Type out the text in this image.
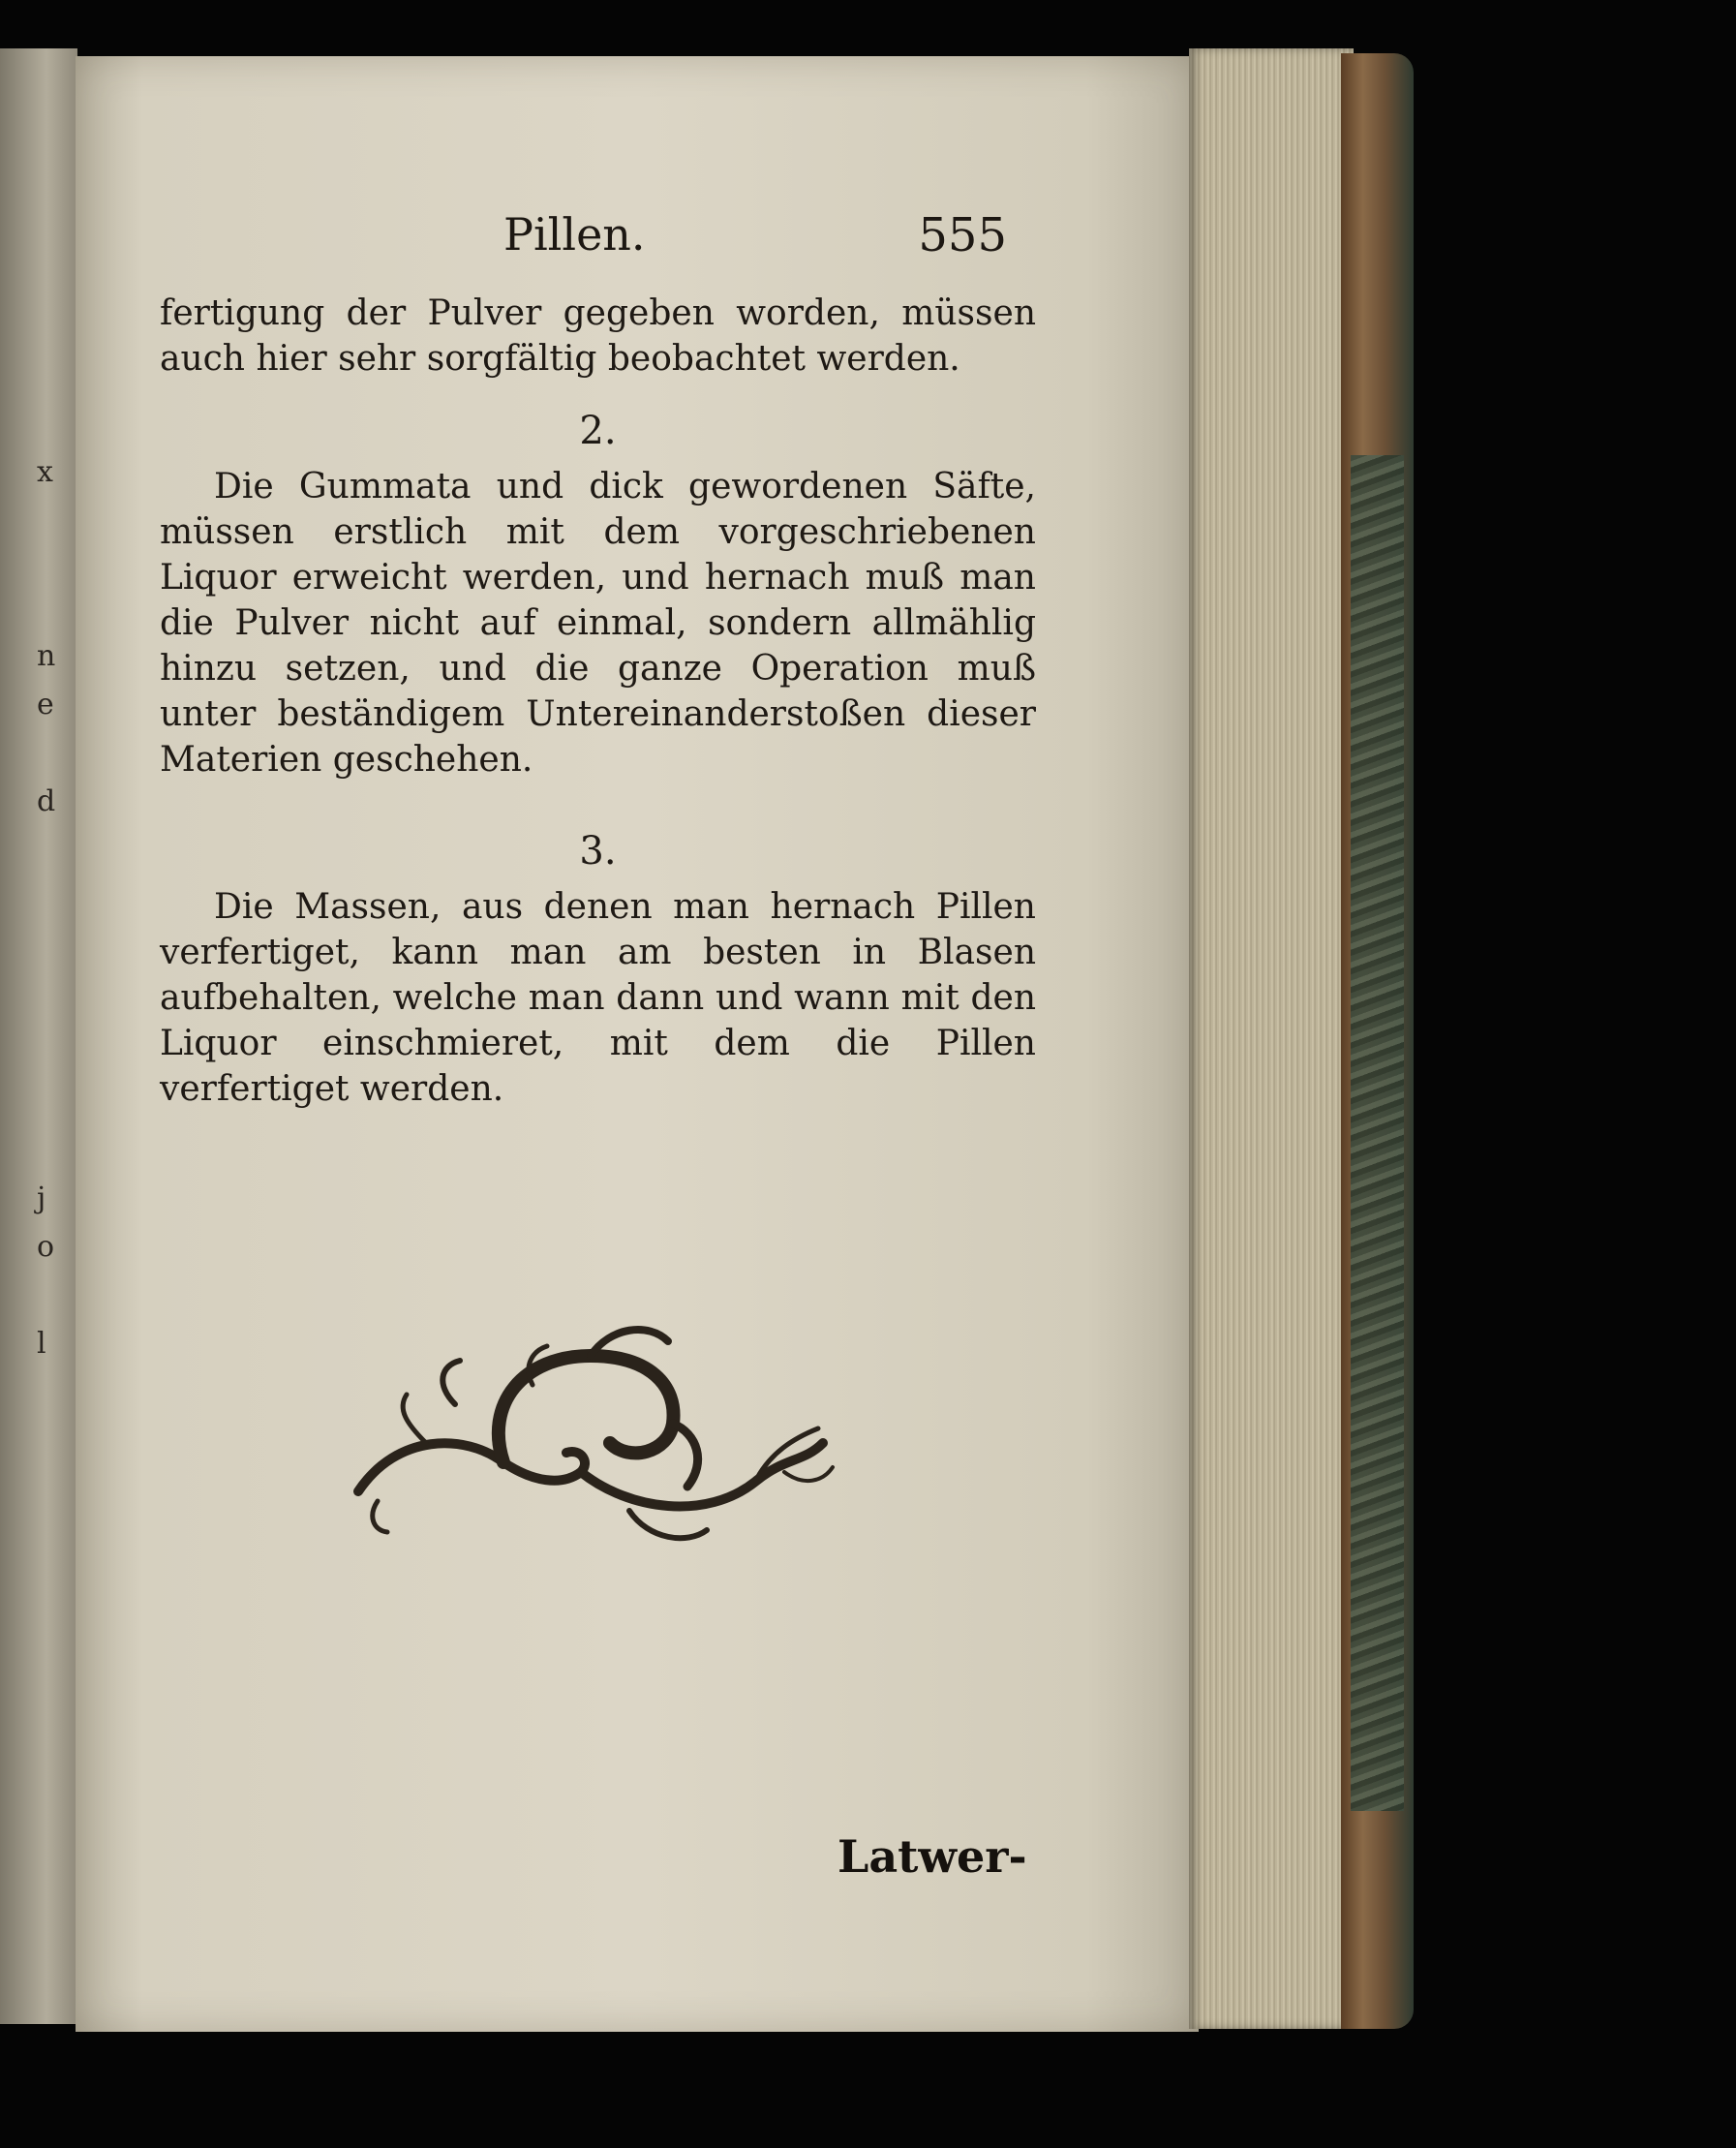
x
n
e
d
j
o
l
Pillen.	555

fertigung der Pulver gegeben worden, müssen auch hier sehr sorgfältig beobachtet werden.

2.

Die Gummata und dick gewordenen Säfte, müssen erstlich mit dem vorgeschriebenen Liquor erweicht werden, und hernach muß man die Pulver nicht auf einmal, sondern allmählig hinzu setzen, und die ganze Operation muß unter beständigem Untereinanderstoßen dieser Materien geschehen.

3.

Die Massen, aus denen man hernach Pillen verfertiget, kann man am besten in Blasen aufbehalten, welche man dann und wann mit den Liquor einschmieret, mit dem die Pillen verfertiget werden.

Latwer-
